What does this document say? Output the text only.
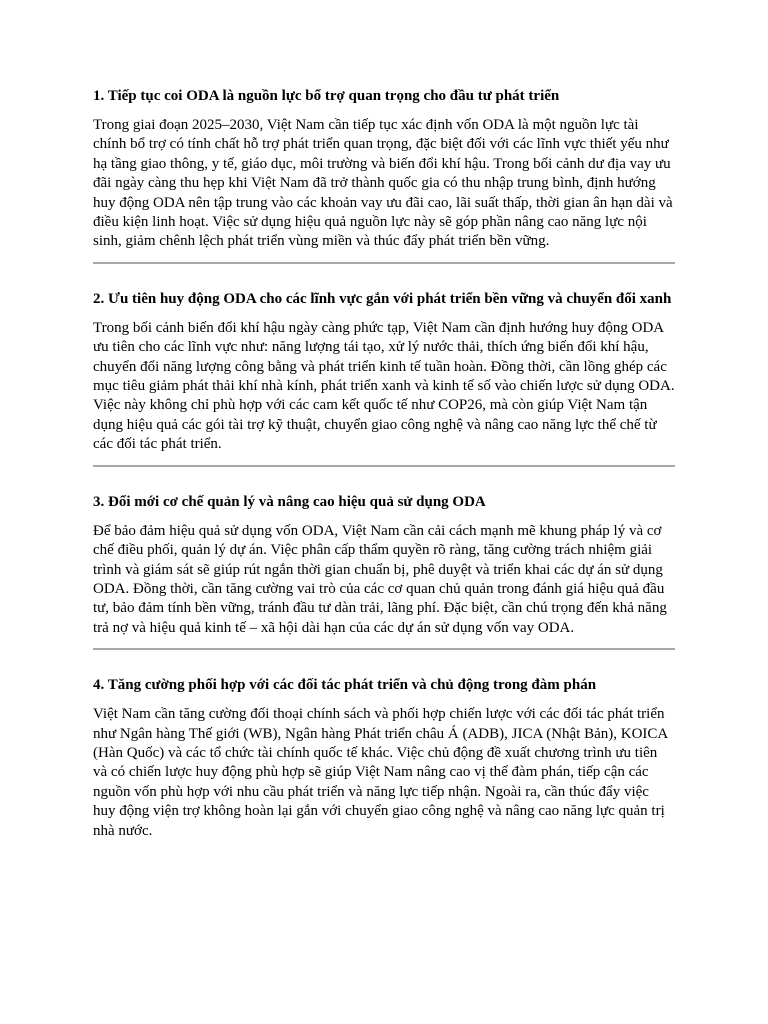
1. Tiếp tục coi ODA là nguồn lực bổ trợ quan trọng cho đầu tư phát triển

Trong giai đoạn 2025–2030, Việt Nam cần tiếp tục xác định vốn ODA là một nguồn lực tài chính bổ trợ có tính chất hỗ trợ phát triển quan trọng, đặc biệt đối với các lĩnh vực thiết yếu như hạ tầng giao thông, y tế, giáo dục, môi trường và biến đổi khí hậu. Trong bối cảnh dư địa vay ưu đãi ngày càng thu hẹp khi Việt Nam đã trở thành quốc gia có thu nhập trung bình, định hướng huy động ODA nên tập trung vào các khoản vay ưu đãi cao, lãi suất thấp, thời gian ân hạn dài và điều kiện linh hoạt. Việc sử dụng hiệu quả nguồn lực này sẽ góp phần nâng cao năng lực nội sinh, giảm chênh lệch phát triển vùng miền và thúc đẩy phát triển bền vững.

2. Ưu tiên huy động ODA cho các lĩnh vực gắn với phát triển bền vững và chuyển đổi xanh

Trong bối cảnh biến đổi khí hậu ngày càng phức tạp, Việt Nam cần định hướng huy động ODA ưu tiên cho các lĩnh vực như: năng lượng tái tạo, xử lý nước thải, thích ứng biến đổi khí hậu, chuyển đổi năng lượng công bằng và phát triển kinh tế tuần hoàn. Đồng thời, cần lồng ghép các mục tiêu giảm phát thải khí nhà kính, phát triển xanh và kinh tế số vào chiến lược sử dụng ODA. Việc này không chỉ phù hợp với các cam kết quốc tế như COP26, mà còn giúp Việt Nam tận dụng hiệu quả các gói tài trợ kỹ thuật, chuyển giao công nghệ và nâng cao năng lực thể chế từ các đối tác phát triển.

3. Đổi mới cơ chế quản lý và nâng cao hiệu quả sử dụng ODA

Để bảo đảm hiệu quả sử dụng vốn ODA, Việt Nam cần cải cách mạnh mẽ khung pháp lý và cơ chế điều phối, quản lý dự án. Việc phân cấp thẩm quyền rõ ràng, tăng cường trách nhiệm giải trình và giám sát sẽ giúp rút ngắn thời gian chuẩn bị, phê duyệt và triển khai các dự án sử dụng ODA. Đồng thời, cần tăng cường vai trò của các cơ quan chủ quản trong đánh giá hiệu quả đầu tư, bảo đảm tính bền vững, tránh đầu tư dàn trải, lãng phí. Đặc biệt, cần chú trọng đến khả năng trả nợ và hiệu quả kinh tế – xã hội dài hạn của các dự án sử dụng vốn vay ODA.

4. Tăng cường phối hợp với các đối tác phát triển và chủ động trong đàm phán

Việt Nam cần tăng cường đối thoại chính sách và phối hợp chiến lược với các đối tác phát triển như Ngân hàng Thế giới (WB), Ngân hàng Phát triển châu Á (ADB), JICA (Nhật Bản), KOICA (Hàn Quốc) và các tổ chức tài chính quốc tế khác. Việc chủ động đề xuất chương trình ưu tiên và có chiến lược huy động phù hợp sẽ giúp Việt Nam nâng cao vị thế đàm phán, tiếp cận các nguồn vốn phù hợp với nhu cầu phát triển và năng lực tiếp nhận. Ngoài ra, cần thúc đẩy việc huy động viện trợ không hoàn lại gắn với chuyển giao công nghệ và nâng cao năng lực quản trị nhà nước.
